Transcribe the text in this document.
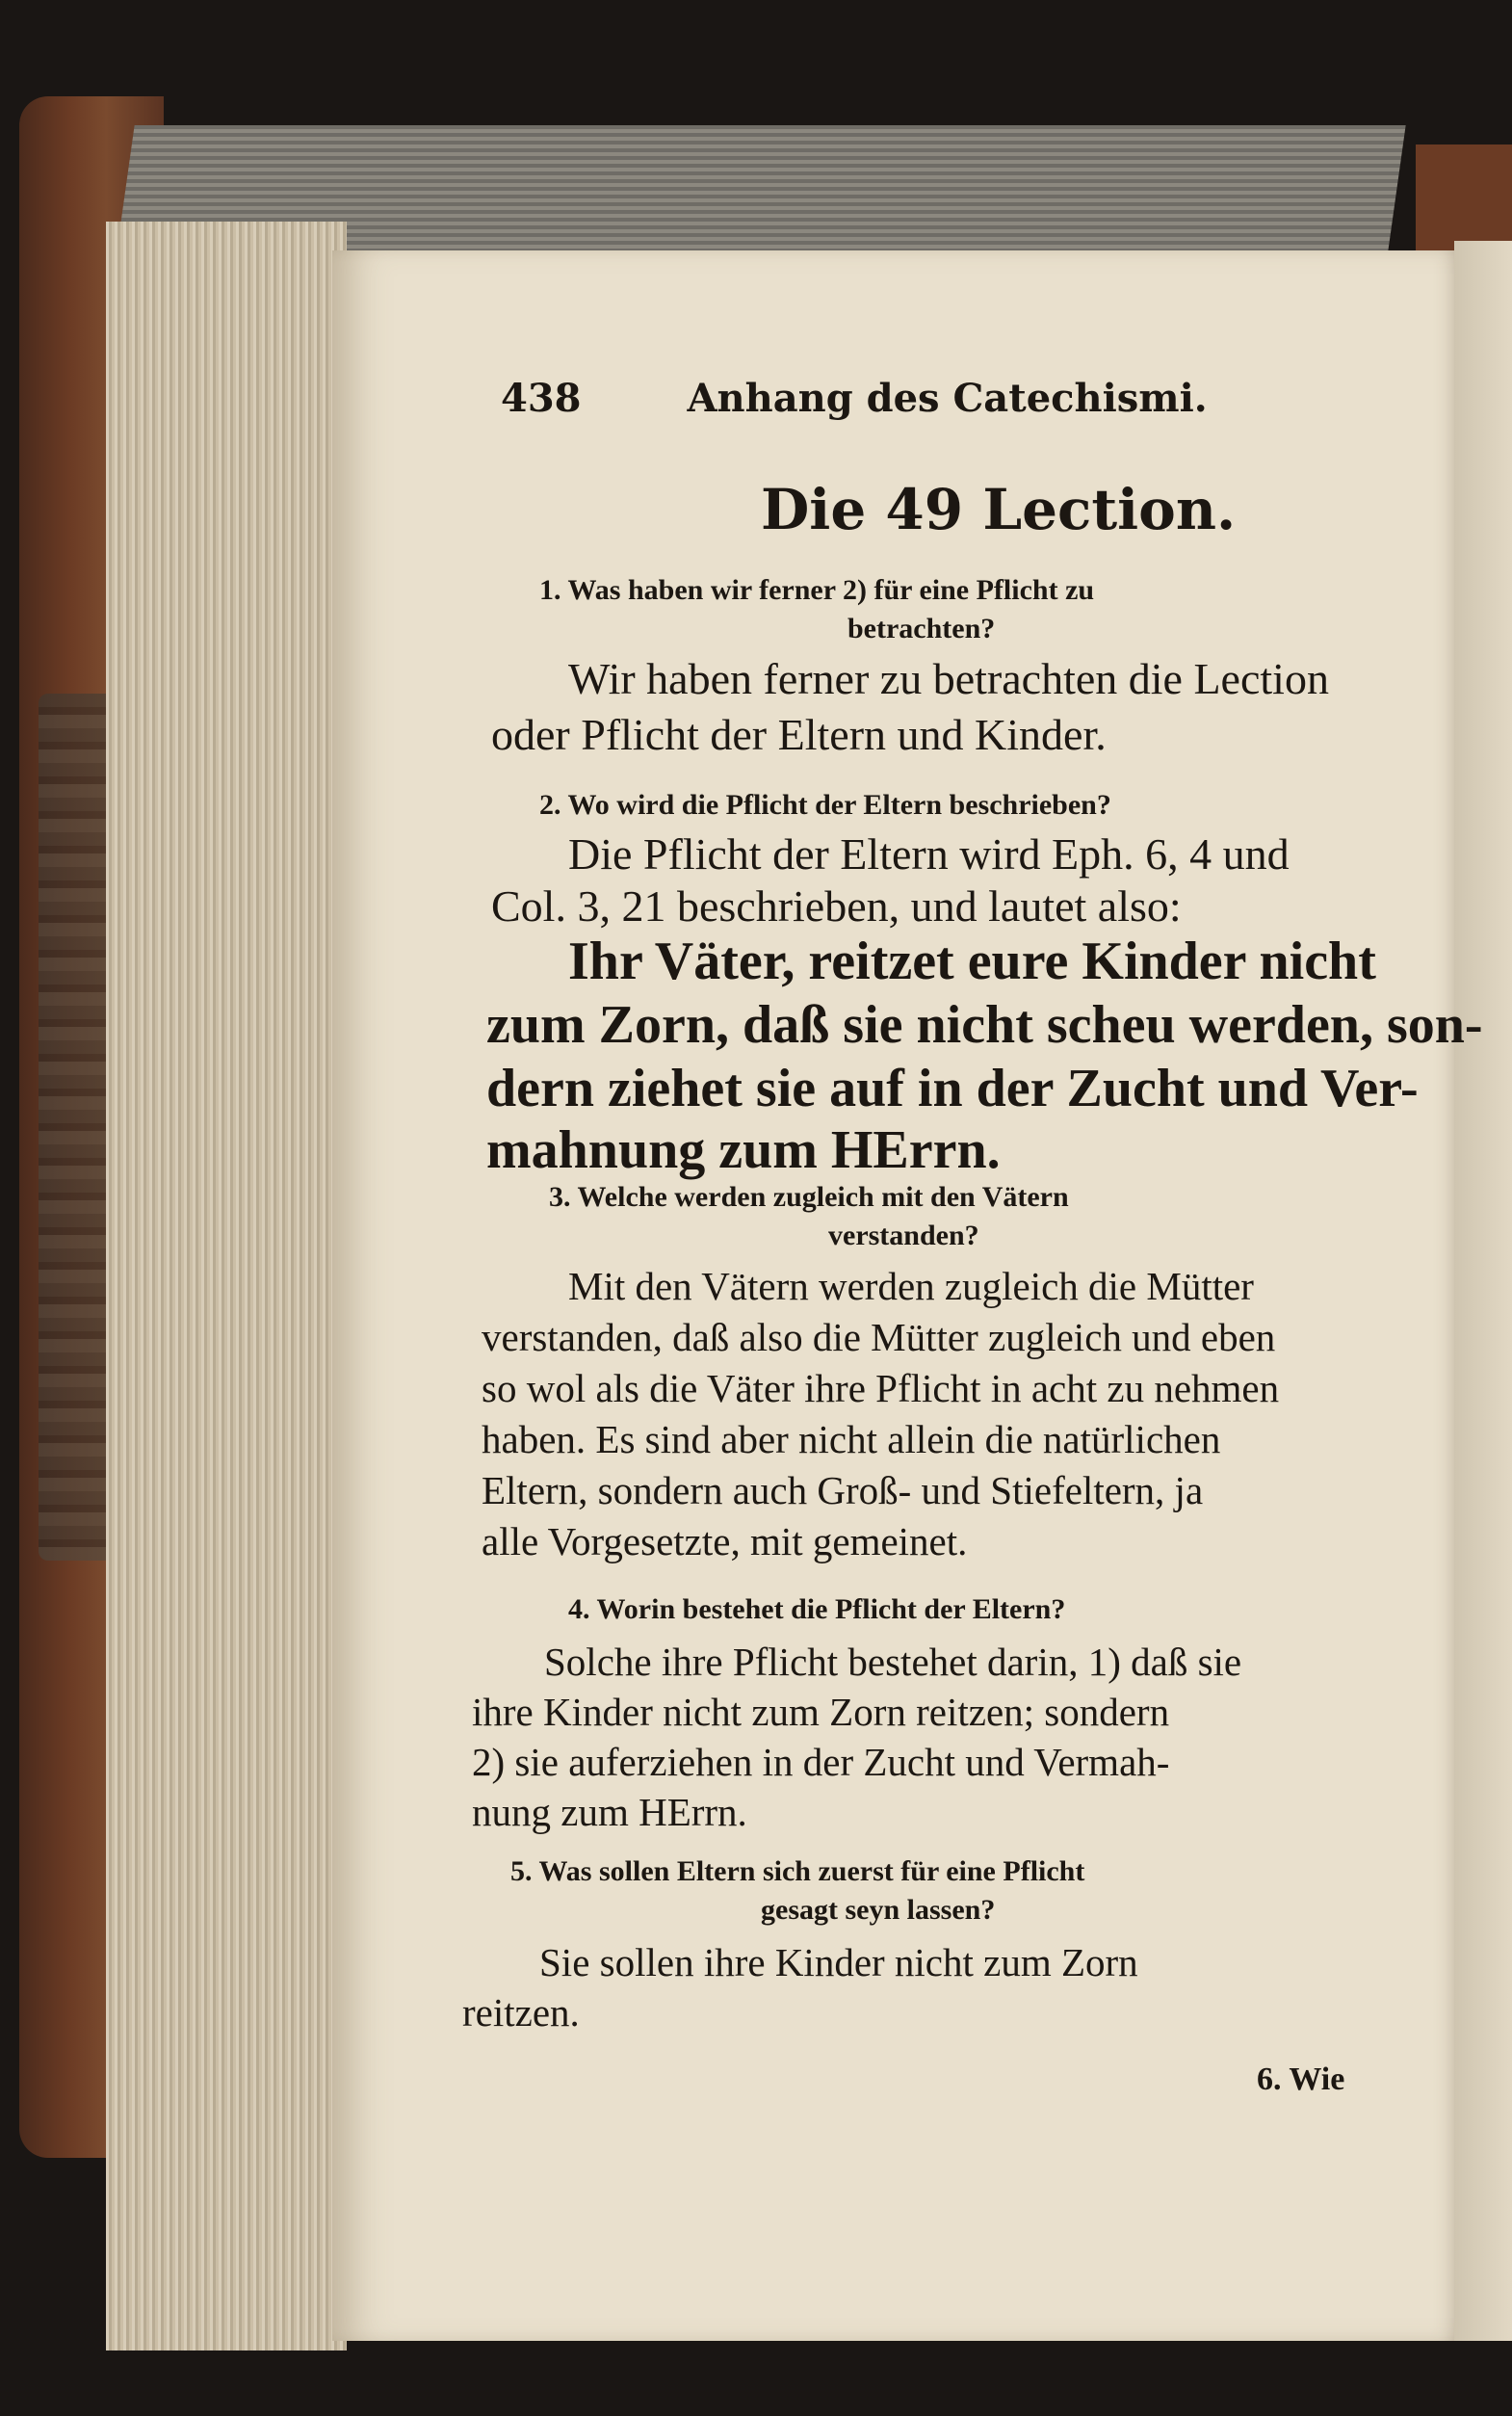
438	Anhang des Catechismi.
Die 49 Lection.
1. Was haben wir ferner 2) für eine Pflicht zu
betrachten?
Wir haben ferner zu betrachten die Lection
oder Pflicht der Eltern und Kinder.
2. Wo wird die Pflicht der Eltern beschrieben?
Die Pflicht der Eltern wird Eph. 6, 4 und
Col. 3, 21 beschrieben, und lautet also:
Ihr Väter, reitzet eure Kinder nicht
zum Zorn, daß sie nicht scheu werden, son-
dern ziehet sie auf in der Zucht und Ver-
mahnung zum HErrn.
3. Welche werden zugleich mit den Vätern
verstanden?
Mit den Vätern werden zugleich die Mütter
verstanden, daß also die Mütter zugleich und eben
so wol als die Väter ihre Pflicht in acht zu nehmen
haben. Es sind aber nicht allein die natürlichen
Eltern, sondern auch Groß- und Stiefeltern, ja
alle Vorgesetzte, mit gemeinet.
4. Worin bestehet die Pflicht der Eltern?
Solche ihre Pflicht bestehet darin, 1) daß sie
ihre Kinder nicht zum Zorn reitzen; sondern
2) sie auferziehen in der Zucht und Vermah-
nung zum HErrn.
5. Was sollen Eltern sich zuerst für eine Pflicht
gesagt seyn lassen?
Sie sollen ihre Kinder nicht zum Zorn
reitzen.
6. Wie
